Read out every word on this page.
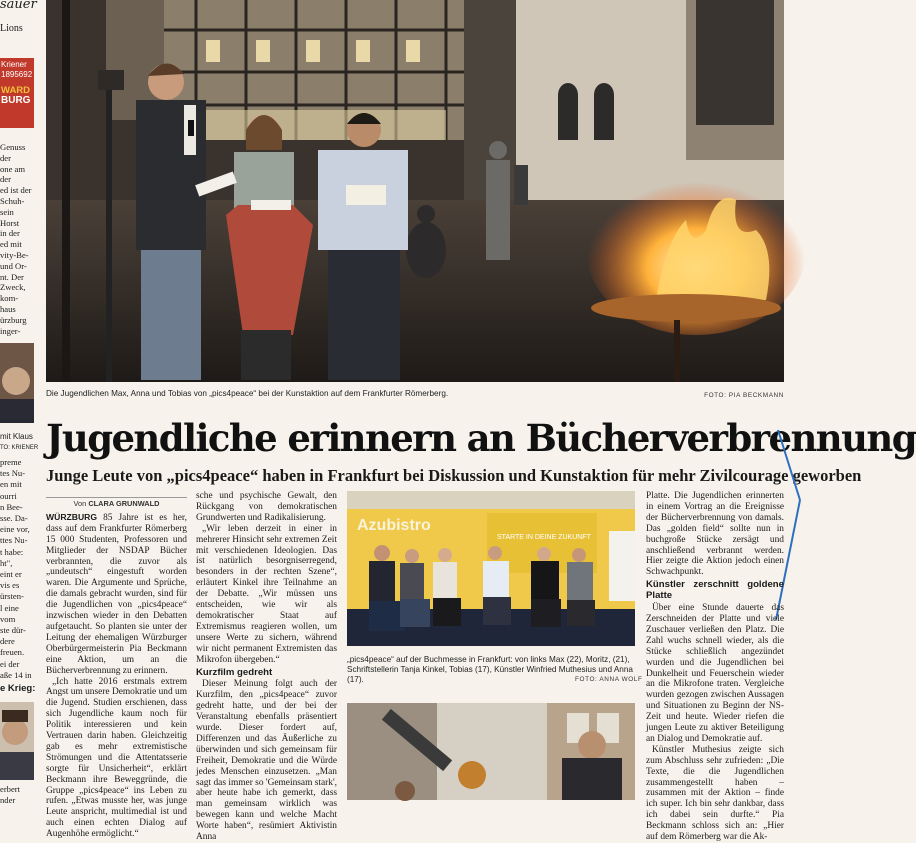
sauer
Lions
Kriener
1895692
WARD
BURG
Genuss
der
one am
der
ed ist der
Schuh-
sein
Horst
in der
ed mit
vity-Be-
und Or-
nt. Der
Zweck,
kom-
haus
ürzburg
inger-
mit Klaus
TO: KRIENER
preme
tes Nu-
en mit
ourri
n Bee-
sse. Da-
eine vor,
ttes Nu-
t habe:
ht",
eint er
vis es
ürsten-
l eine
vom
ste dür-
dere
freuen.
ei der
aße 14 in
e Krieg:
erbert
nder
Die Jugendlichen Max, Anna und Tobias von „pics4peace“ bei der Kunstaktion auf dem Frankfurter Römerberg.	FOTO: PIA BECKMANN
Jugendliche erinnern an Bücherverbrennung
Junge Leute von „pics4peace“ haben in Frankfurt bei Diskussion und Kunstaktion für mehr Zivilcourage geworben
Von CLARA GRUNWALD

WÜRZBURG 85 Jahre ist es her, dass auf dem Frankfurter Römerberg 15 000 Studenten, Professoren und Mitglieder der NSDAP Bücher verbrannten, die zuvor als „undeutsch“ eingestuft worden waren. Die Argumente und Sprüche, die damals gebracht wurden, sind für die Jugendlichen von „pics4peace“ inzwischen wieder in den Debatten aufgetaucht. So planten sie unter der Leitung der ehemaligen Würzburger Oberbürgermeisterin Pia Beckmann eine Aktion, um an die Bücherverbrennung zu erinnern.

„Ich hatte 2016 erstmals extrem Angst um unsere Demokratie und um die Jugend. Studien erschienen, dass sich Jugendliche kaum noch für Politik interessieren und kein Vertrauen darin haben. Gleichzeitig gab es mehr extremistische Strömungen und die Attentatsserie sorgte für Unsicherheit“, erklärt Beckmann ihre Beweggründe, die Gruppe „pics4peace“ ins Leben zu rufen. „Etwas musste her, was junge Leute anspricht, multimedial ist und auch einen echten Dialog auf Augenhöhe ermöglicht.“

sche und psychische Gewalt, den Rückgang von demokratischen Grundwerten und Radikalisierung.

„Wir leben derzeit in einer in mehrerer Hinsicht sehr extremen Zeit mit verschiedenen Ideologien. Das ist natürlich besorgniserregend, besonders in der rechten Szene“, erläutert Kinkel ihre Teilnahme an der Debatte. „Wir müssen uns entscheiden, wie wir als demokratischer Staat auf Extremismus reagieren wollen, um unsere Werte zu sichern, während wir nicht permanent Extremisten das Mikrofon übergeben.“

Kurzfilm gedreht

Dieser Meinung folgt auch der Kurzfilm, den „pics4peace“ zuvor gedreht hatte, und der bei der Veranstaltung ebenfalls präsentiert wurde. Dieser fordert auf, Differenzen und das Äußerliche zu überwinden und sich gemeinsam für Freiheit, Demokratie und die Würde jedes Menschen einzusetzen. „Man sagt das immer so 'Gemeinsam stark', aber heute habe ich gemerkt, dass man gemeinsam wirklich was bewegen kann und welche Macht Worte haben“, resümiert Aktivistin Anna

STARTE IN DEINE ZUKUNFT
Azubistro
„pics4peace“ auf der Buchmesse in Frankfurt: von links Max (22), Moritz, (21), Schriftstellerin Tanja Kinkel, Tobias (17), Künstler Winfried Muthesius und Anna (17).	FOTO: ANNA WOLF

Platte. Die Jugendlichen erinnerten in einem Vortrag an die Ereignisse der Bücherverbrennung von damals. Das „golden field“ sollte nun in buchgroße Stücke zersägt und anschließend verbrannt werden. Hier zeigte die Aktion jedoch einen Schwachpunkt.

Künstler zerschnitt goldene Platte

Über eine Stunde dauerte das Zerschneiden der Platte und viele Zuschauer verließen den Platz. Die Zahl wuchs schnell wieder, als die Stücke schließlich angezündet wurden und die Jugendlichen bei Dunkelheit und Feuerschein wieder an die Mikrofone traten. Vergleiche wurden gezogen zwischen Aussagen und Situationen zu Beginn der NS-Zeit und heute. Wieder riefen die jungen Leute zu aktiver Beteiligung an Dialog und Demokratie auf.

Künstler Muthesius zeigte sich zum Abschluss sehr zufrieden: „Die Texte, die die Jugendlichen zusammengestellt haben – zusammen mit der Aktion – finde ich super. Ich bin sehr dankbar, dass ich dabei sein durfte.“ Pia Beckmann schloss sich an: „Hier auf dem Römerberg war die Ak-
